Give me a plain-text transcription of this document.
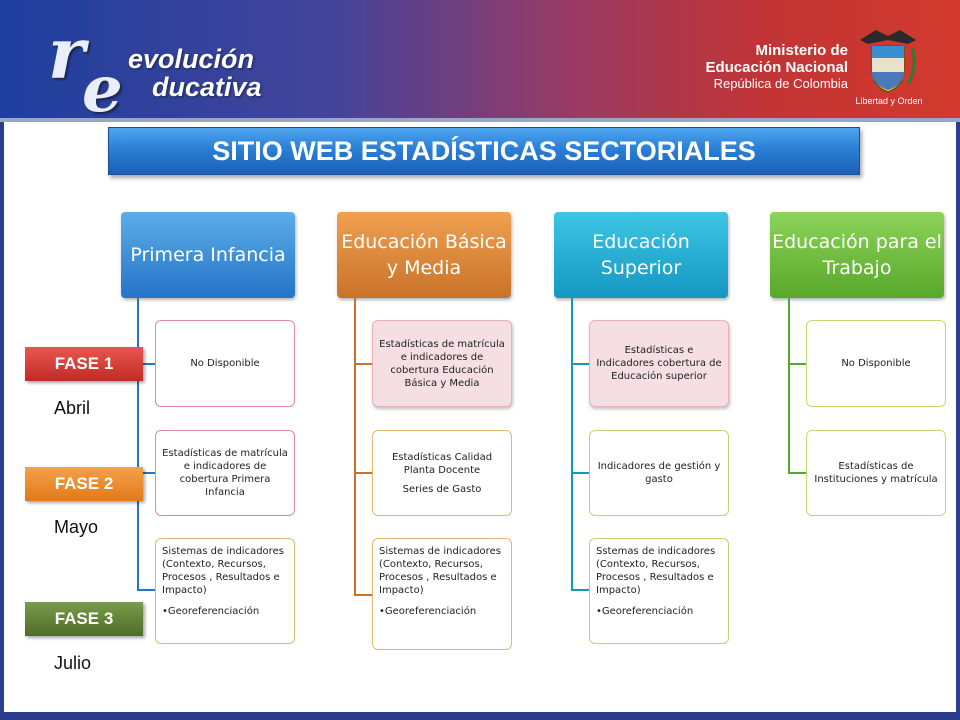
r
e evolución
ducativa
Ministerio de
Educación Nacional
República de Colombia
Libertad y Orden
SITIO WEB ESTADÍSTICAS SECTORIALES
Primera Infancia
Educación Básica y Media
Educación Superior
Educación para el Trabajo
No Disponible
Estadísticas de matrícula e indicadores de cobertura Primera Infancia
Sistemas de indicadores (Contexto, Recursos, Procesos , Resultados e Impacto)
•Georeferenciación
Estadísticas de matrícula e indicadores de cobertura Educación Básica y Media
Estadísticas Calidad Planta Docente
Series de Gasto
Sistemas de indicadores (Contexto, Recursos, Procesos , Resultados e Impacto)
•Georeferenciación
Estadísticas e Indicadores cobertura de Educación superior
Indicadores de gestión y gasto
Sstemas de indicadores (Contexto, Recursos, Procesos , Resultados e Impacto)
•Georeferenciación
No Disponible
Estadísticas de Instituciones y matrícula
FASE 1
Abril
FASE 2
Mayo
FASE 3
Julio
